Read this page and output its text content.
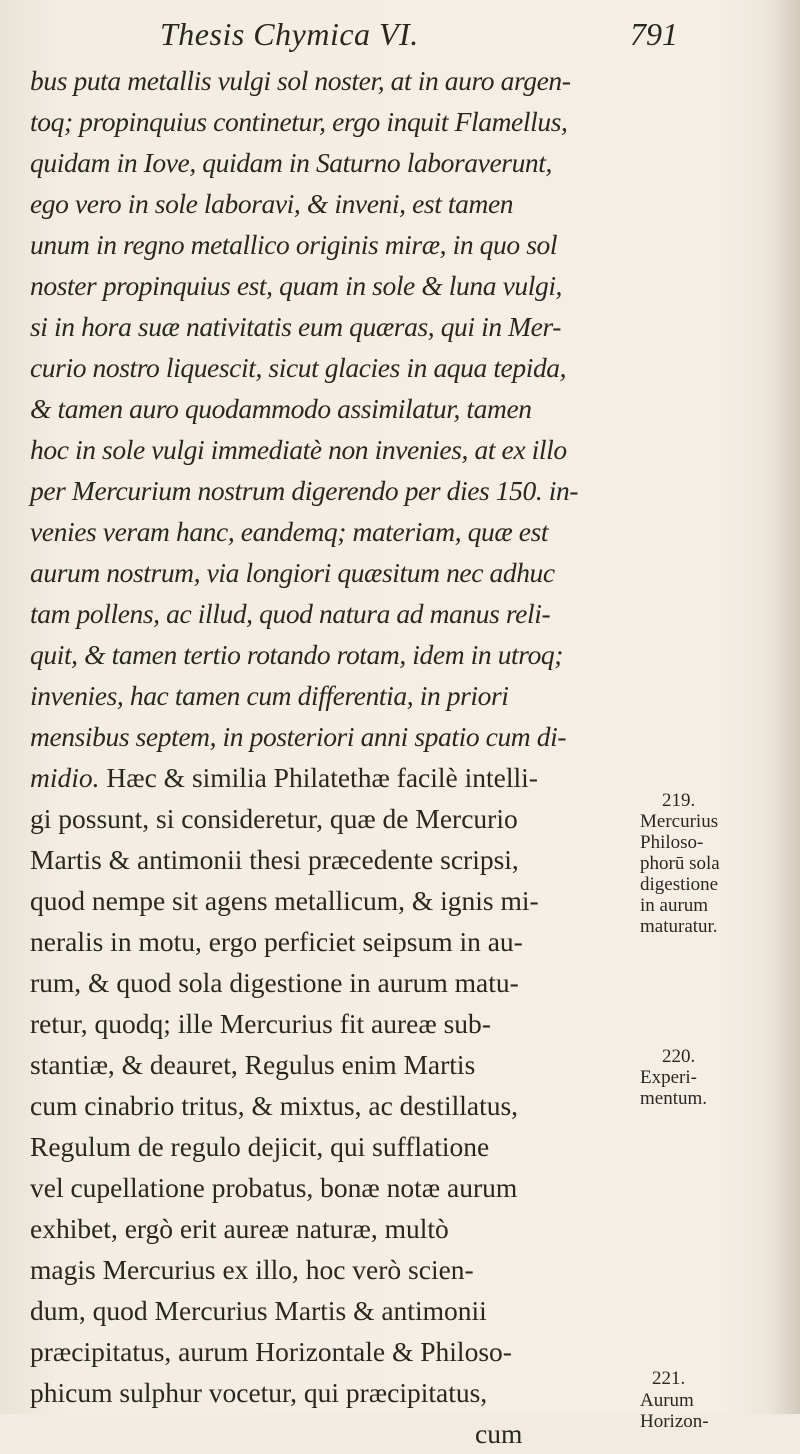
Thesis Chymica VI.	791
bus puta metallis vulgi sol noster, at in auro argen-
toq; propinquius continetur, ergo inquit Flamellus,
quidam in Iove, quidam in Saturno laboraverunt,
ego vero in sole laboravi, & inveni, est tamen
unum in regno metallico originis miræ, in quo sol
noster propinquius est, quam in sole & luna vulgi,
si in hora suæ nativitatis eum quæras, qui in Mer-
curio nostro liquescit, sicut glacies in aqua tepida,
& tamen auro quodammodo assimilatur, tamen
hoc in sole vulgi immediatè non invenies, at ex illo
per Mercurium nostrum digerendo per dies 150. in-
venies veram hanc, eandemq; materiam, quæ est
aurum nostrum, via longiori quæsitum nec adhuc
tam pollens, ac illud, quod natura ad manus reli-
quit, & tamen tertio rotando rotam, idem in utroq;
invenies, hac tamen cum differentia, in priori
mensibus septem, in posteriori anni spatio cum di-
midio. Hæc & similia Philatethæ facilè intelli-
gi possunt, si consideretur, quæ de Mercurio
Martis & antimonii thesi præcedente scripsi,
quod nempe sit agens metallicum, & ignis mi-
neralis in motu, ergo perficiet seipsum in au-
rum, & quod sola digestione in aurum matu-
retur, quodq; ille Mercurius fit aureæ sub-
stantiæ, & deauret, Regulus enim Martis
cum cinabrio tritus, & mixtus, ac destillatus,
Regulum de regulo dejicit, qui sufflatione
vel cupellatione probatus, bonæ notæ aurum
exhibet, ergò erit aureæ naturæ, multò
magis Mercurius ex illo, hoc verò scien-
dum, quod Mercurius Martis & antimonii
præcipitatus, aurum Horizontale & Philoso-
phicum sulphur vocetur, qui præcipitatus,
cum
219.
Mercurius
Philoso-
phorū sola
digestione
in aurum
maturatur.
220.
Experi-
mentum.
221.
Aurum
Horizon-
